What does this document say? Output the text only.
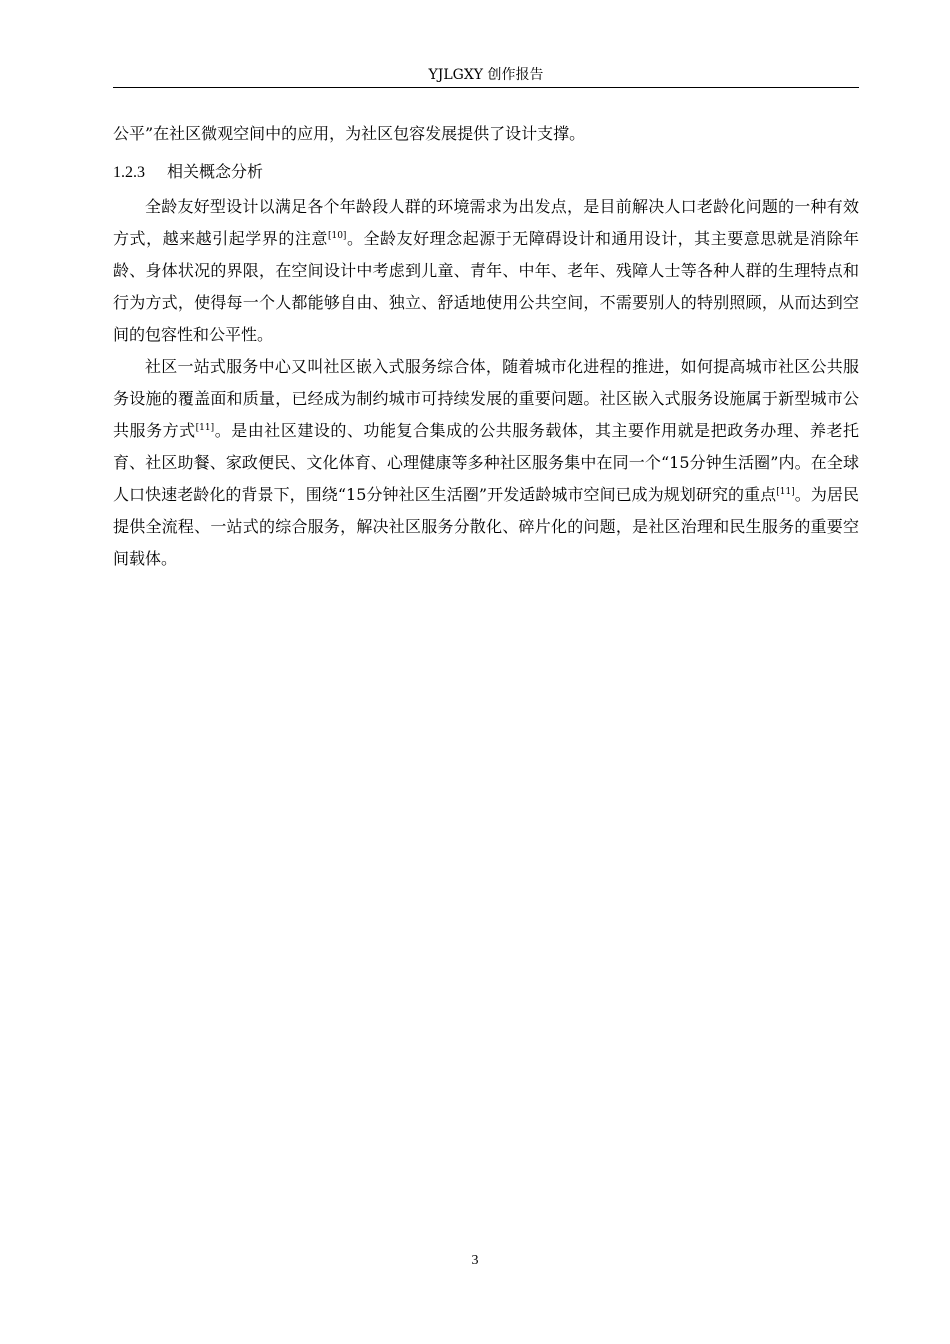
YJLGXY 创作报告

公平”在社区微观空间中的应用，为社区包容发展提供了设计支撑。

1.2.3 相关概念分析

全龄友好型设计以满足各个年龄段人群的环境需求为出发点，是目前解决人口老龄化问题的一种有效方式，越来越引起学界的注意[10]。全龄友好理念起源于无障碍设计和通用设计，其主要意思就是消除年龄、身体状况的界限，在空间设计中考虑到儿童、青年、中年、老年、残障人士等各种人群的生理特点和行为方式，使得每一个人都能够自由、独立、舒适地使用公共空间，不需要别人的特别照顾，从而达到空间的包容性和公平性。

社区一站式服务中心又叫社区嵌入式服务综合体，随着城市化进程的推进，如何提高城市社区公共服务设施的覆盖面和质量，已经成为制约城市可持续发展的重要问题。社区嵌入式服务设施属于新型城市公共服务方式[11]。是由社区建设的、功能复合集成的公共服务载体，其主要作用就是把政务办理、养老托育、社区助餐、家政便民、文化体育、心理健康等多种社区服务集中在同一个“15分钟生活圈”内。在全球人口快速老龄化的背景下，围绕“15分钟社区生活圈”开发适龄城市空间已成为规划研究的重点[11]。为居民提供全流程、一站式的综合服务，解决社区服务分散化、碎片化的问题，是社区治理和民生服务的重要空间载体。

3
